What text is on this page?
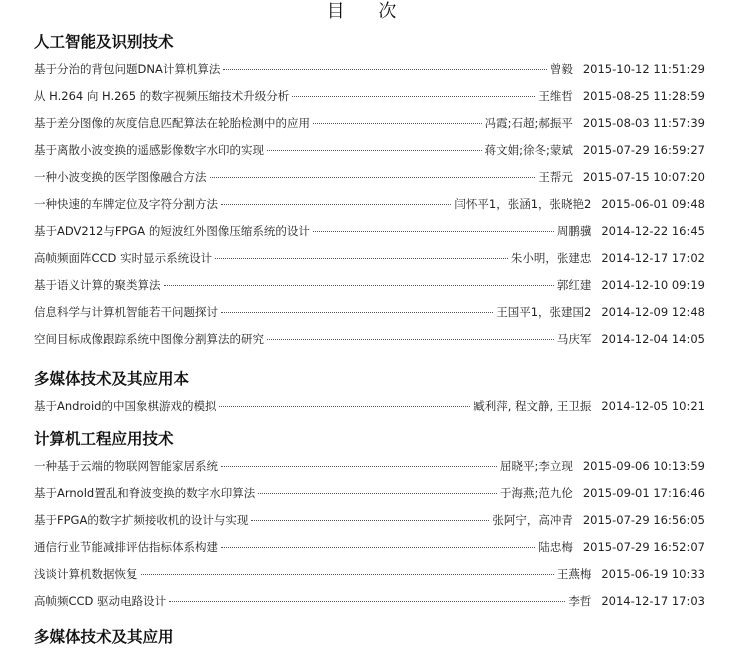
目 次
人工智能及识别技术
基于分治的背包问题DNA计算机算法	曾毅 2015-10-12 11:51:29
从 H.264 向 H.265 的数字视频压缩技术升级分析	王维哲 2015-08-25 11:28:59
基于差分图像的灰度信息匹配算法在轮胎检测中的应用	冯霞;石超;郝振平 2015-08-03 11:57:39
基于离散小波变换的遥感影像数字水印的实现	蒋文娟;徐冬;蒙斌 2015-07-29 16:59:27
一种小波变换的医学图像融合方法	王帮元 2015-07-15 10:07:20
一种快速的车牌定位及字符分割方法	闫怀平1，张涵1，张晓艳2 2015-06-01 09:48
基于ADV212与FPGA 的短波红外图像压缩系统的设计	周鹏骥 2014-12-22 16:45
高帧频面阵CCD 实时显示系统设计	朱小明，张建忠 2014-12-17 17:02
基于语义计算的聚类算法	郭红建 2014-12-10 09:19
信息科学与计算机智能若干问题探讨	王国平1，张建国2 2014-12-09 12:48
空间目标成像跟踪系统中图像分割算法的研究	马庆军 2014-12-04 14:05
多媒体技术及其应用本
基于Android的中国象棋游戏的模拟	臧利萍, 程文静, 王卫振 2014-12-05 10:21
计算机工程应用技术
一种基于云端的物联网智能家居系统	屈晓平;李立现 2015-09-06 10:13:59
基于Arnold置乱和脊波变换的数字水印算法	于海燕;范九伦 2015-09-01 17:16:46
基于FPGA的数字扩频接收机的设计与实现	张阿宁，高冲青 2015-07-29 16:56:05
通信行业节能减排评估指标体系构建	陆忠梅 2015-07-29 16:52:07
浅谈计算机数据恢复	王燕梅 2015-06-19 10:33
高帧频CCD 驱动电路设计	李哲 2014-12-17 17:03
多媒体技术及其应用
